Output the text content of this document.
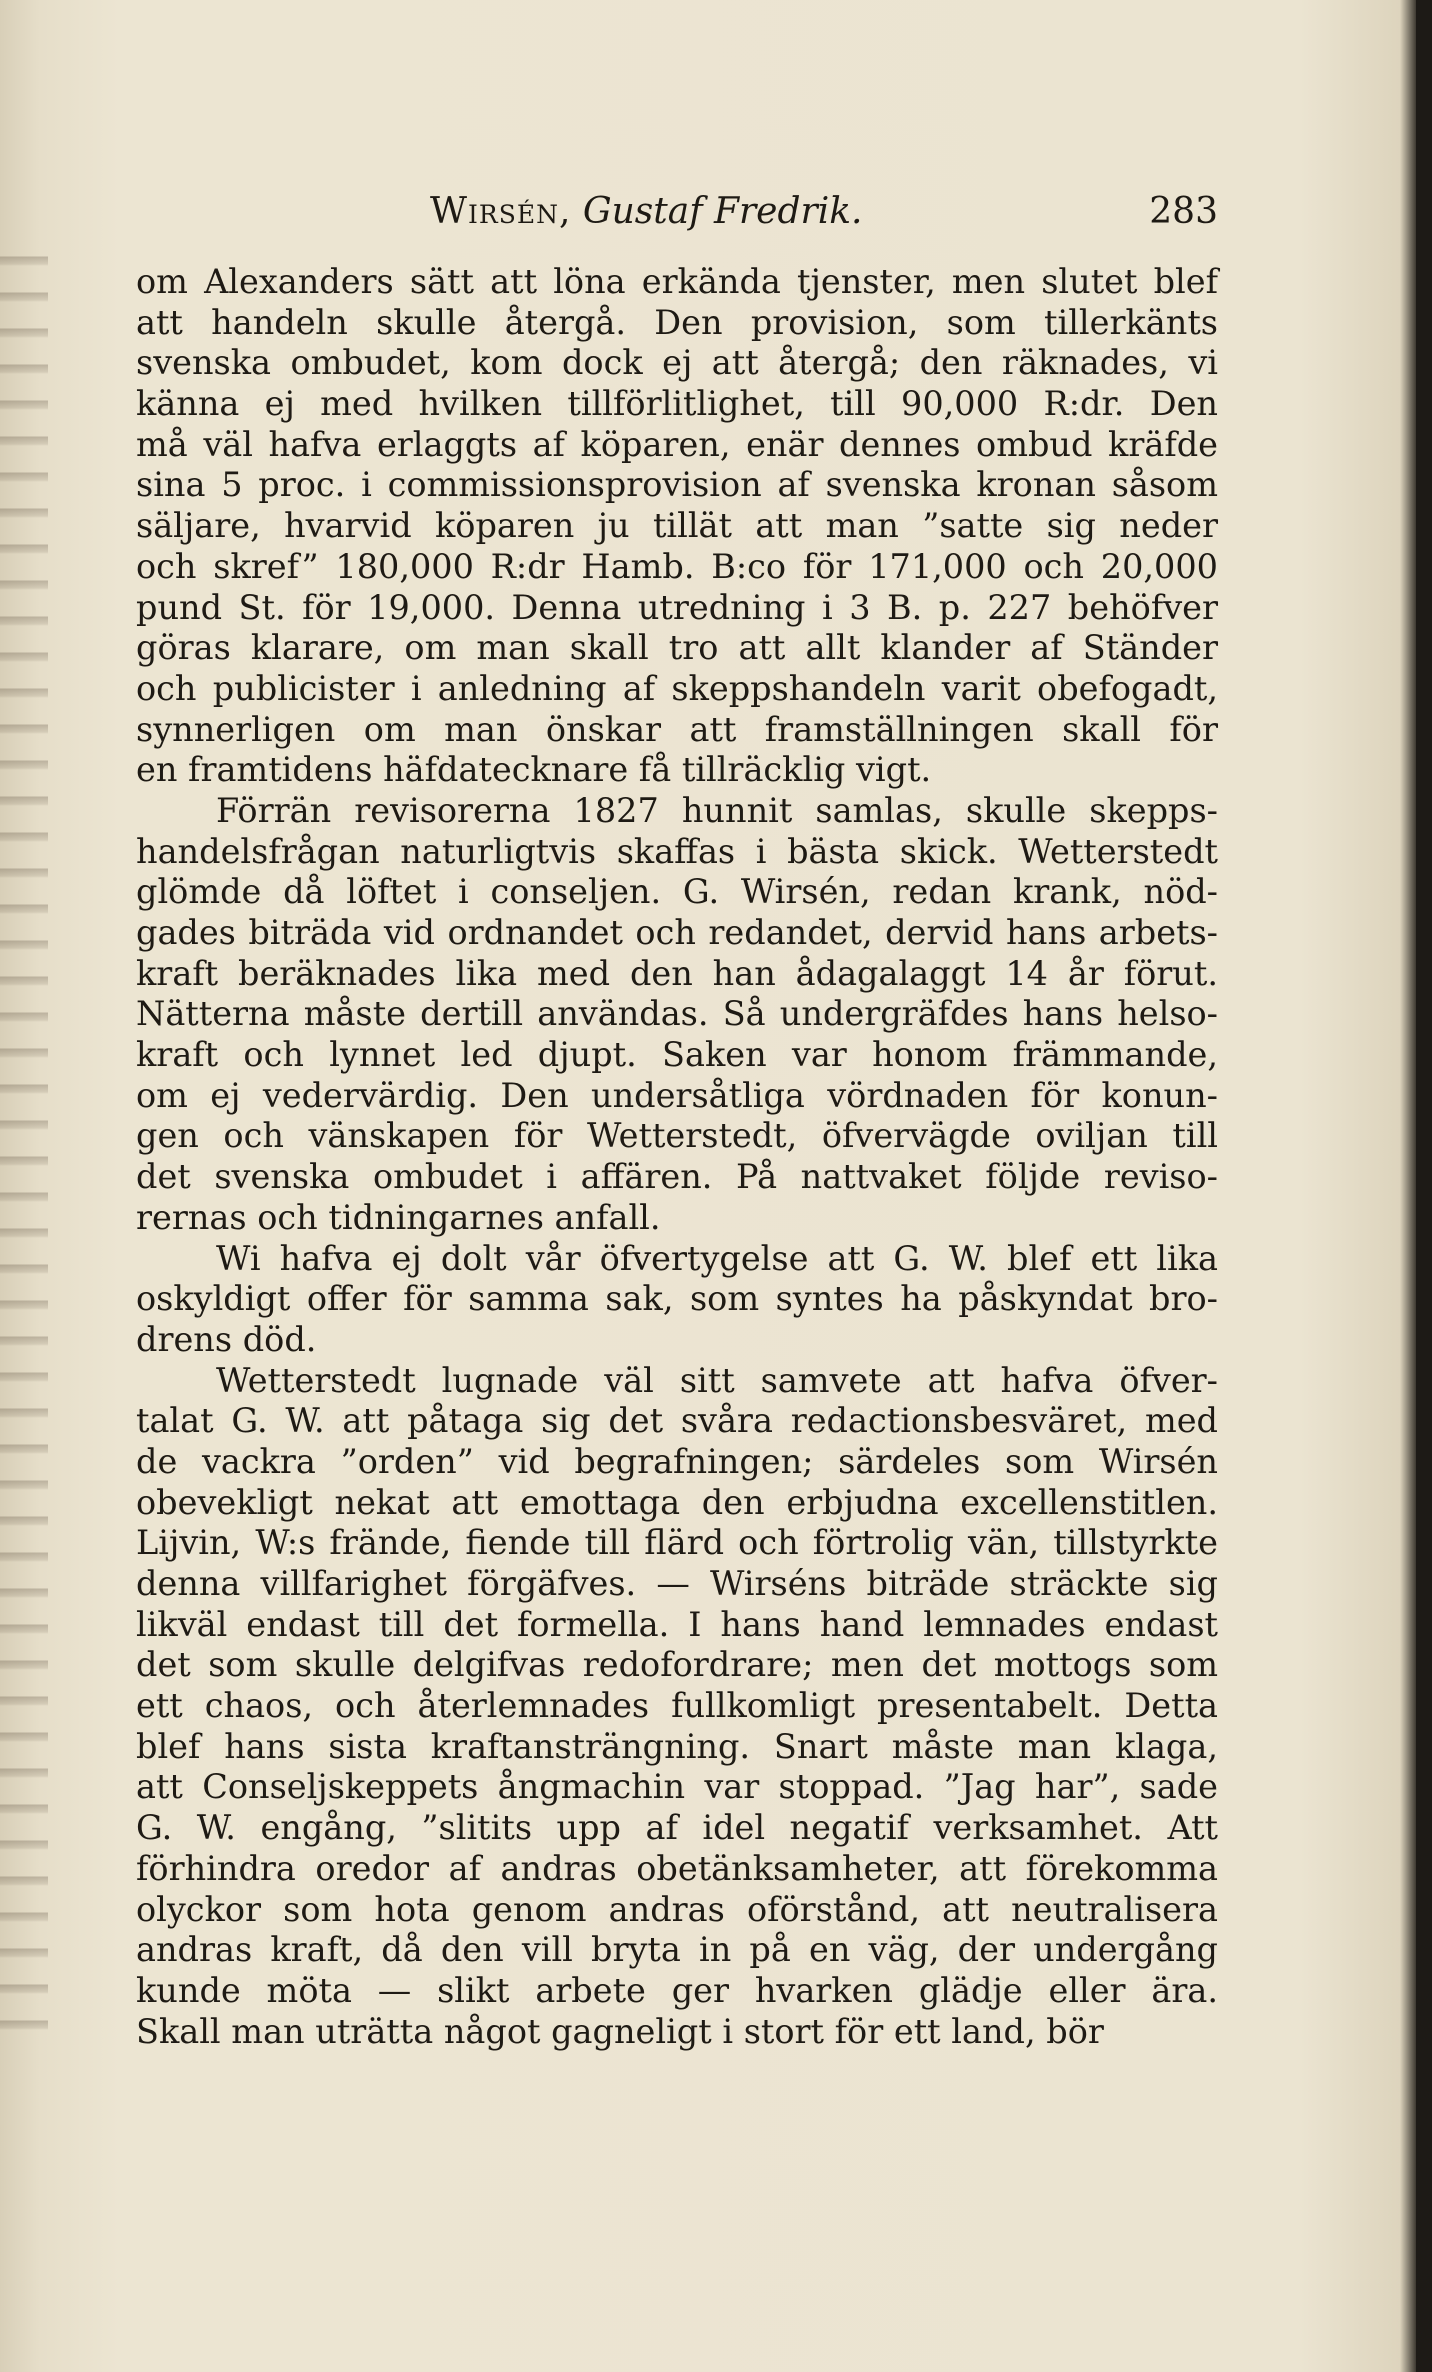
Wirsén, Gustaf Fredrik.	283
om Alexanders sätt att löna erkända tjenster, men slutet blef
att handeln skulle återgå. Den provision, som tillerkänts
svenska ombudet, kom dock ej att återgå; den räknades, vi
känna ej med hvilken tillförlitlighet, till 90,000 R:dr. Den
må väl hafva erlaggts af köparen, enär dennes ombud kräfde
sina 5 proc. i commissionsprovision af svenska kronan såsom
säljare, hvarvid köparen ju tillät att man ”satte sig neder
och skref” 180,000 R:dr Hamb. B:co för 171,000 och 20,000
pund St. för 19,000. Denna utredning i 3 B. p. 227 behöfver
göras klarare, om man skall tro att allt klander af Ständer
och publicister i anledning af skeppshandeln varit obefogadt,
synnerligen om man önskar att framställningen skall för
en framtidens häfdatecknare få tillräcklig vigt.
Förrän revisorerna 1827 hunnit samlas, skulle skepps-
handelsfrågan naturligtvis skaffas i bästa skick. Wetterstedt
glömde då löftet i conseljen. G. Wirsén, redan krank, nöd-
gades biträda vid ordnandet och redandet, dervid hans arbets-
kraft beräknades lika med den han ådagalaggt 14 år förut.
Nätterna måste dertill användas. Så undergräfdes hans helso-
kraft och lynnet led djupt. Saken var honom främmande,
om ej vedervärdig. Den undersåtliga vördnaden för konun-
gen och vänskapen för Wetterstedt, öfvervägde oviljan till
det svenska ombudet i affären. På nattvaket följde reviso-
rernas och tidningarnes anfall.
Wi hafva ej dolt vår öfvertygelse att G. W. blef ett lika
oskyldigt offer för samma sak, som syntes ha påskyndat bro-
drens död.
Wetterstedt lugnade väl sitt samvete att hafva öfver-
talat G. W. att påtaga sig det svåra redactionsbesväret, med
de vackra ”orden” vid begrafningen; särdeles som Wirsén
obevekligt nekat att emottaga den erbjudna excellenstitlen.
Lijvin, W:s frände, fiende till flärd och förtrolig vän, tillstyrkte
denna villfarighet förgäfves. — Wirséns biträde sträckte sig
likväl endast till det formella. I hans hand lemnades endast
det som skulle delgifvas redofordrare; men det mottogs som
ett chaos, och återlemnades fullkomligt presentabelt. Detta
blef hans sista kraftansträngning. Snart måste man klaga,
att Conseljskeppets ångmachin var stoppad. ”Jag har”, sade
G. W. engång, ”slitits upp af idel negatif verksamhet. Att
förhindra oredor af andras obetänksamheter, att förekomma
olyckor som hota genom andras oförstånd, att neutralisera
andras kraft, då den vill bryta in på en väg, der undergång
kunde möta — slikt arbete ger hvarken glädje eller ära.
Skall man uträtta något gagneligt i stort för ett land, bör
